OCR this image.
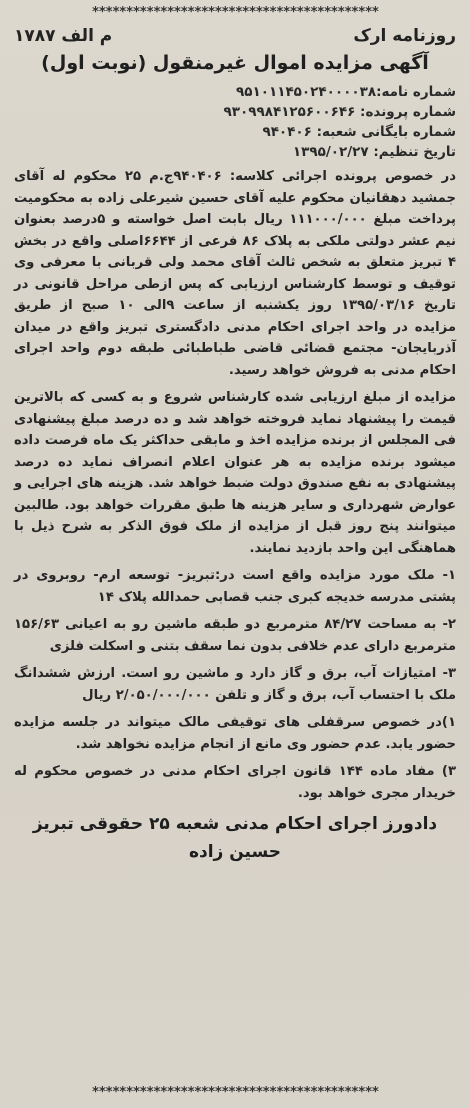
******************************************
روزنامه ارک
م الف ۱۷۸۷
آگهی مزایده اموال غیرمنقول (نوبت اول)
شماره نامه:۹۵۱۰۱۱۴۵۰۲۴۰۰۰۰۳۸
شماره پرونده: ۹۳۰۹۹۸۴۱۲۵۶۰۰۶۴۶
شماره بایگانی شعبه: ۹۴۰۴۰۶
تاریخ تنظیم: ۱۳۹۵/۰۲/۲۷

در خصوص پرونده اجرائی کلاسه: ۹۴۰۴۰۶ج.م ۲۵ محکوم له آقای جمشید دهقانیان محکوم علیه آقای حسین شیرعلی زاده به محکومیت پرداخت مبلغ ۱۱۱۰۰۰/۰۰۰ ریال بابت اصل خواسته و ۵درصد بعنوان نیم عشر دولتی ملکی به پلاک ۸۶ فرعی از ۶۶۴۴اصلی واقع در بخش ۴ تبریز متعلق به شخص ثالث آقای محمد ولی قربانی با معرفی وی توقیف و توسط کارشناس ارزیابی که پس ازطی مراحل قانونی در تاریخ ۱۳۹۵/۰۳/۱۶ روز یکشنبه از ساعت ۹الی ۱۰ صبح از طریق مزایده در واحد اجرای احکام مدنی دادگستری تبریز واقع در میدان آذربایجان- مجتمع قضائی قاضی طباطبائی طبقه دوم واحد اجرای احکام مدنی به فروش خواهد رسید.

مزایده از مبلغ ارزیابی شده کارشناس شروع و به کسی که بالاترین قیمت را پیشنهاد نماید فروخته خواهد شد و ده درصد مبلغ پیشنهادی فی المجلس از برنده مزایده اخذ و مابقی حداکثر یک ماه فرصت داده میشود برنده مزایده به هر عنوان اعلام انصراف نماید ده درصد پیشنهادی به نفع صندوق دولت ضبط خواهد شد. هزینه های اجرایی و عوارض شهرداری و سایر هزینه ها طبق مقررات خواهد بود. طالبین میتوانند پنج روز قبل از مزایده از ملک فوق الذکر به شرح ذیل با هماهنگی این واحد بازدید نمایند.

۱- ملک مورد مزایده واقع است در:تبریز- توسعه ارم- روبروی در پشتی مدرسه خدیجه کبری جنب قصابی حمدالله پلاک ۱۴

۲- به مساحت ۸۴/۲۷ مترمربع دو طبقه ماشین رو به اعیانی ۱۵۶/۶۳ مترمربع دارای عدم خلافی بدون نما سقف بتنی و اسکلت فلزی

۳- امتیازات آب، برق و گاز دارد و ماشین رو است. ارزش ششدانگ ملک با احتساب آب، برق و گاز و تلفن ۲/۰۵۰/۰۰۰/۰۰۰ ریال

۱)در خصوص سرقفلی های توقیفی مالک میتواند در جلسه مزایده حضور یابد. عدم حضور وی مانع از انجام مزایده نخواهد شد.

۳) مفاد ماده ۱۴۴ قانون اجرای احکام مدنی در خصوص محکوم له خریدار مجری خواهد بود.

دادورز اجرای احکام مدنی شعبه ۲۵ حقوقی تبریز
حسین زاده
******************************************
